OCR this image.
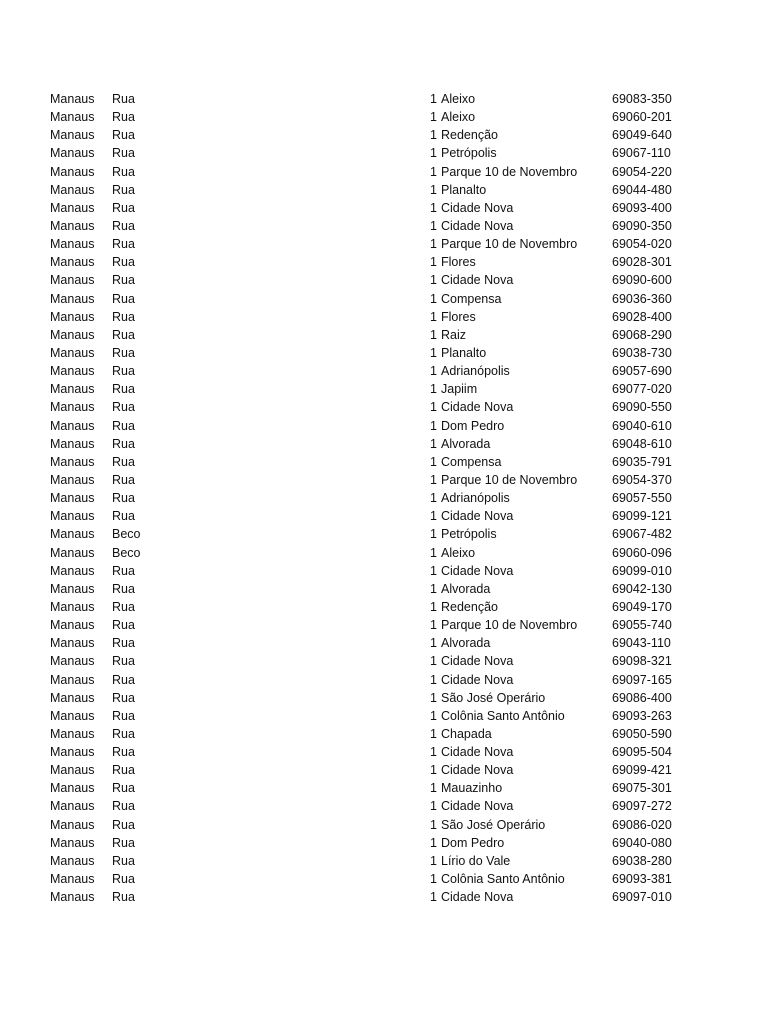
Manaus Rua	1 Aleixo	69083-350
Manaus Rua	1 Aleixo	69060-201
Manaus Rua	1 Redenção	69049-640
Manaus Rua	1 Petrópolis	69067-110
Manaus Rua	1 Parque 10 de Novembro	69054-220
Manaus Rua	1 Planalto	69044-480
Manaus Rua	1 Cidade Nova	69093-400
Manaus Rua	1 Cidade Nova	69090-350
Manaus Rua	1 Parque 10 de Novembro	69054-020
Manaus Rua	1 Flores	69028-301
Manaus Rua	1 Cidade Nova	69090-600
Manaus Rua	1 Compensa	69036-360
Manaus Rua	1 Flores	69028-400
Manaus Rua	1 Raiz	69068-290
Manaus Rua	1 Planalto	69038-730
Manaus Rua	1 Adrianópolis	69057-690
Manaus Rua	1 Japiim	69077-020
Manaus Rua	1 Cidade Nova	69090-550
Manaus Rua	1 Dom Pedro	69040-610
Manaus Rua	1 Alvorada	69048-610
Manaus Rua	1 Compensa	69035-791
Manaus Rua	1 Parque 10 de Novembro	69054-370
Manaus Rua	1 Adrianópolis	69057-550
Manaus Rua	1 Cidade Nova	69099-121
Manaus Beco	1 Petrópolis	69067-482
Manaus Beco	1 Aleixo	69060-096
Manaus Rua	1 Cidade Nova	69099-010
Manaus Rua	1 Alvorada	69042-130
Manaus Rua	1 Redenção	69049-170
Manaus Rua	1 Parque 10 de Novembro	69055-740
Manaus Rua	1 Alvorada	69043-110
Manaus Rua	1 Cidade Nova	69098-321
Manaus Rua	1 Cidade Nova	69097-165
Manaus Rua	1 São José Operário	69086-400
Manaus Rua	1 Colônia Santo Antônio	69093-263
Manaus Rua	1 Chapada	69050-590
Manaus Rua	1 Cidade Nova	69095-504
Manaus Rua	1 Cidade Nova	69099-421
Manaus Rua	1 Mauazinho	69075-301
Manaus Rua	1 Cidade Nova	69097-272
Manaus Rua	1 São José Operário	69086-020
Manaus Rua	1 Dom Pedro	69040-080
Manaus Rua	1 Lírio do Vale	69038-280
Manaus Rua	1 Colônia Santo Antônio	69093-381
Manaus Rua	1 Cidade Nova	69097-010
